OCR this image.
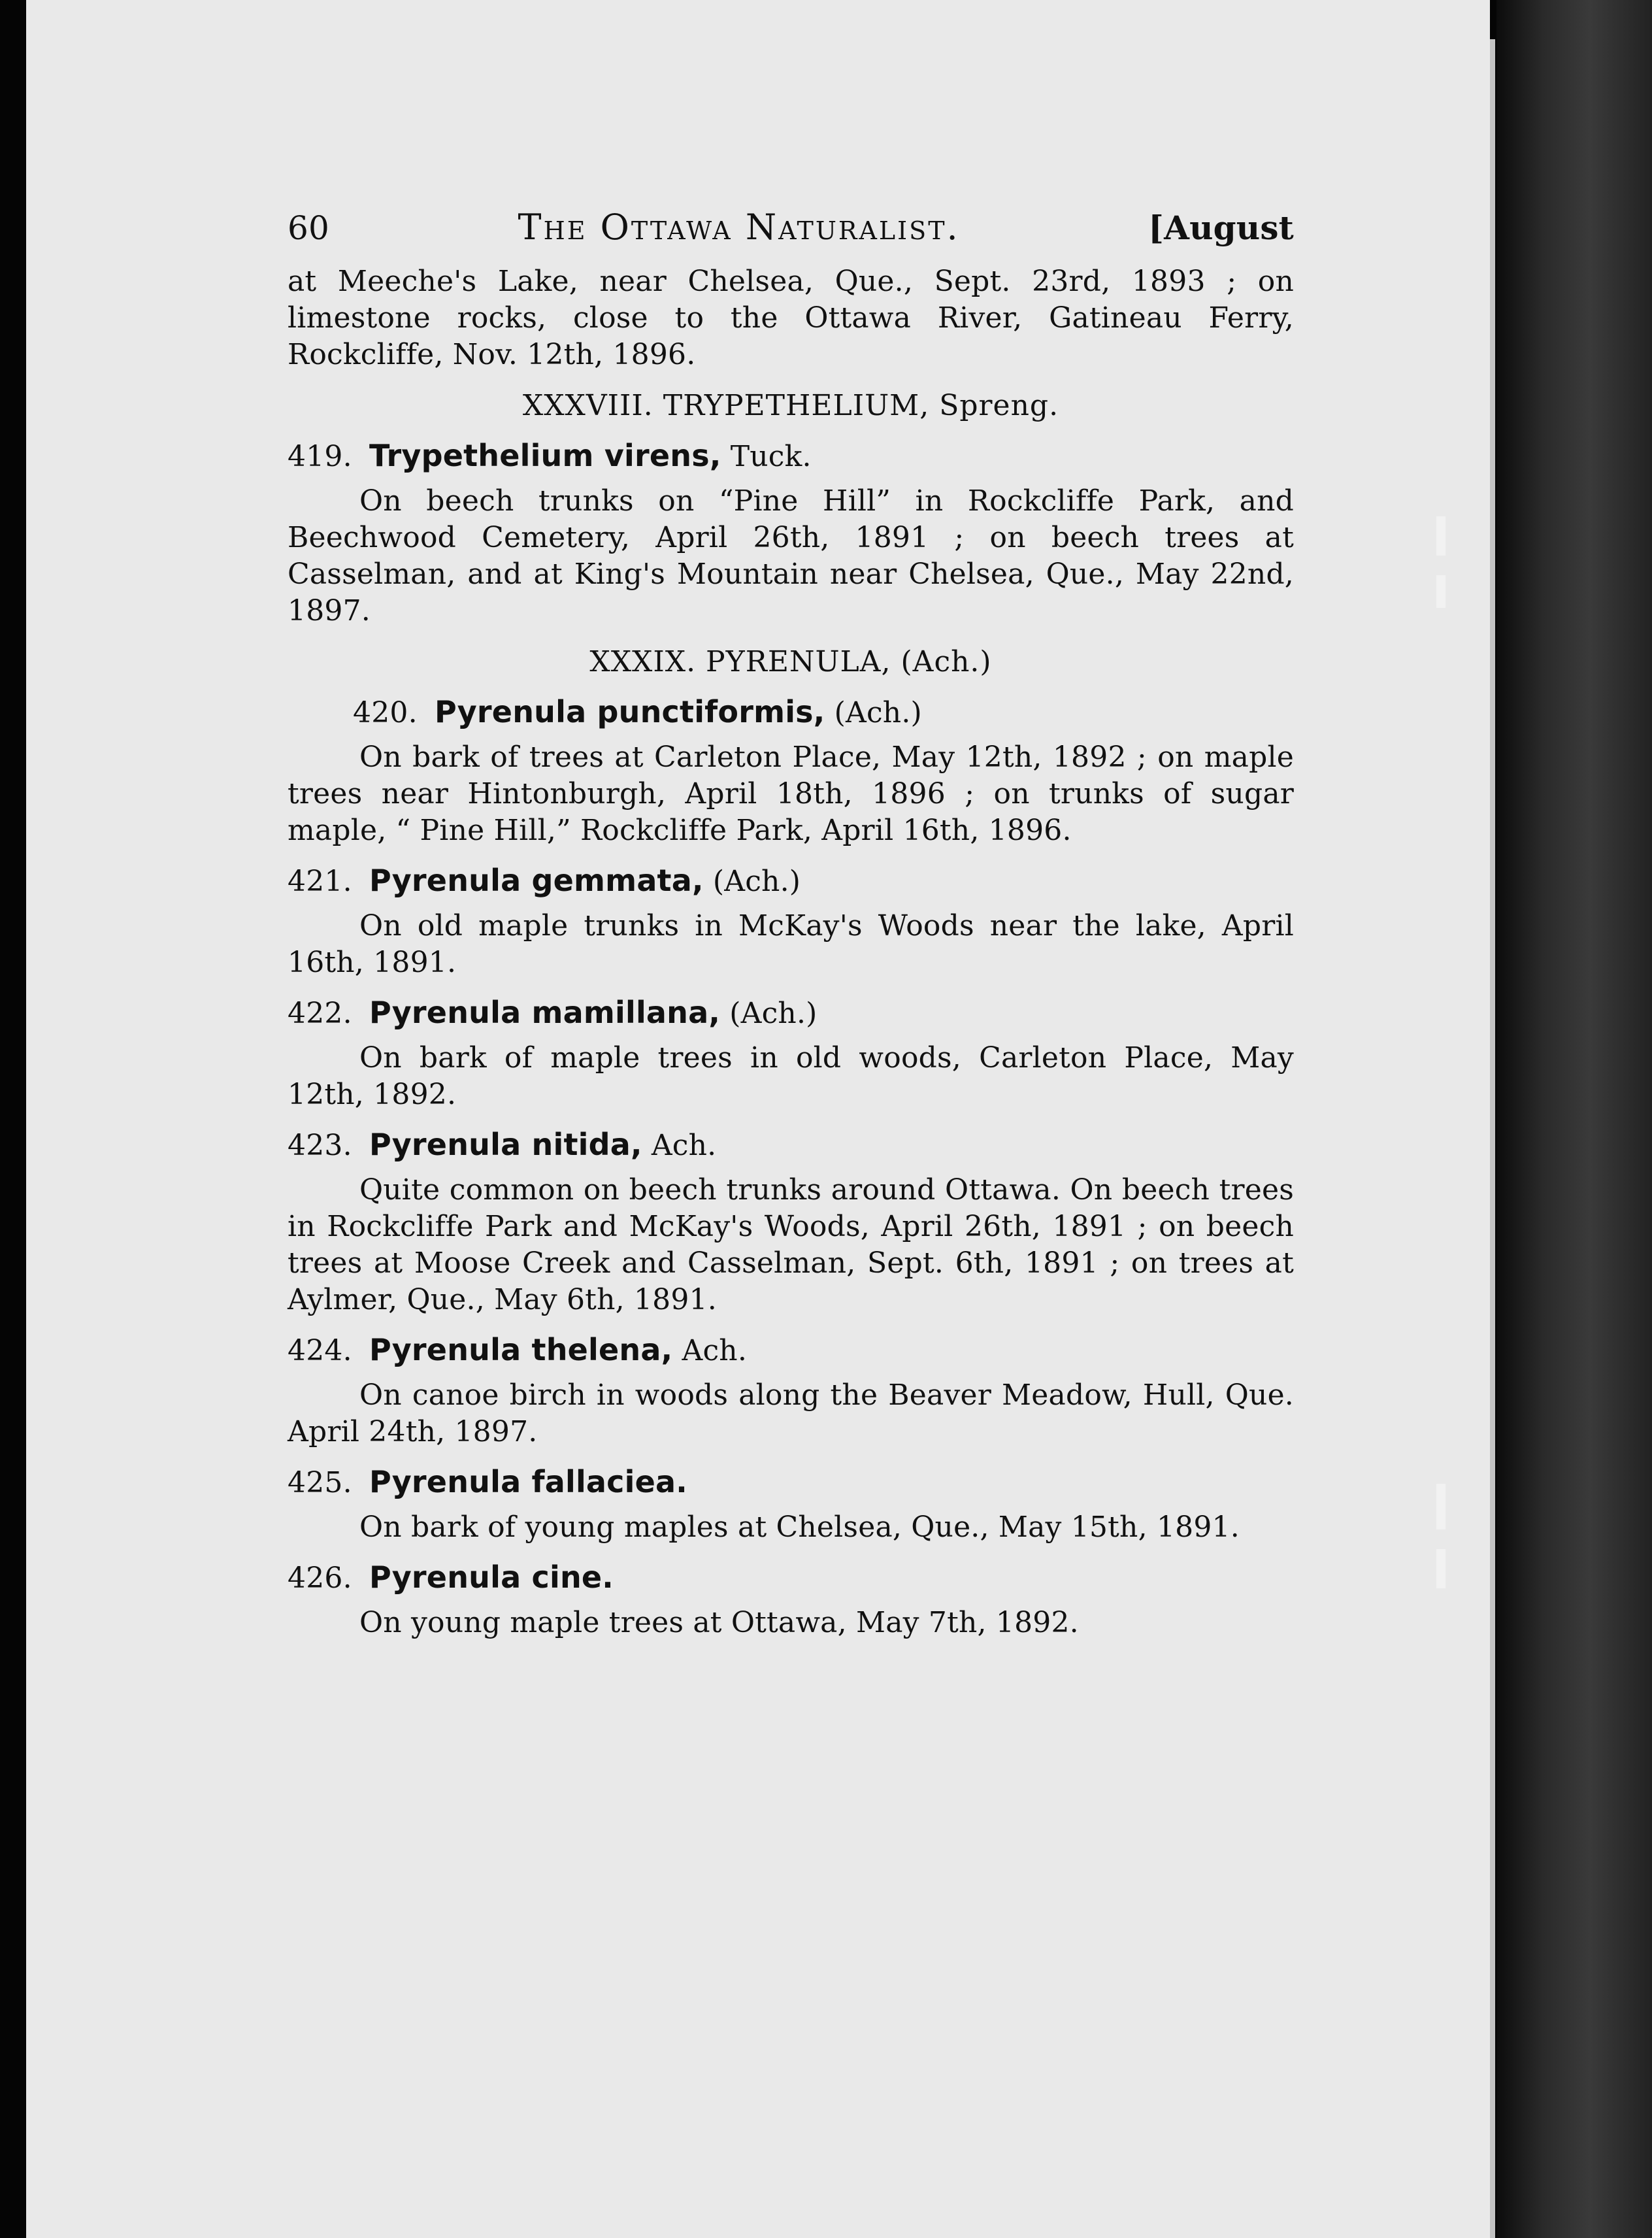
60	The Ottawa Naturalist.	[August

at Meeche's Lake, near Chelsea, Que., Sept. 23rd, 1893 ; on limestone rocks, close to the Ottawa River, Gatineau Ferry, Rockcliffe, Nov. 12th, 1896.

XXXVIII. TRYPETHELIUM, Spreng.
419. Trypethelium virens, Tuck.

On beech trunks on “Pine Hill” in Rockcliffe Park, and Beechwood Cemetery, April 26th, 1891 ; on beech trees at Casselman, and at King's Mountain near Chelsea, Que., May 22nd, 1897.

XXXIX. PYRENULA, (Ach.)
420. Pyrenula punctiformis, (Ach.)

On bark of trees at Carleton Place, May 12th, 1892 ; on maple trees near Hintonburgh, April 18th, 1896 ; on trunks of sugar maple, “ Pine Hill,” Rockcliffe Park, April 16th, 1896.

421. Pyrenula gemmata, (Ach.)

On old maple trunks in McKay's Woods near the lake, April 16th, 1891.

422. Pyrenula mamillana, (Ach.)

On bark of maple trees in old woods, Carleton Place, May 12th, 1892.

423. Pyrenula nitida, Ach.

Quite common on beech trunks around Ottawa. On beech trees in Rockcliffe Park and McKay's Woods, April 26th, 1891 ; on beech trees at Moose Creek and Casselman, Sept. 6th, 1891 ; on trees at Aylmer, Que., May 6th, 1891.

424. Pyrenula thelena, Ach.

On canoe birch in woods along the Beaver Meadow, Hull, Que. April 24th, 1897.

425. Pyrenula fallaciea.

On bark of young maples at Chelsea, Que., May 15th, 1891.

426. Pyrenula cine.

On young maple trees at Ottawa, May 7th, 1892.
